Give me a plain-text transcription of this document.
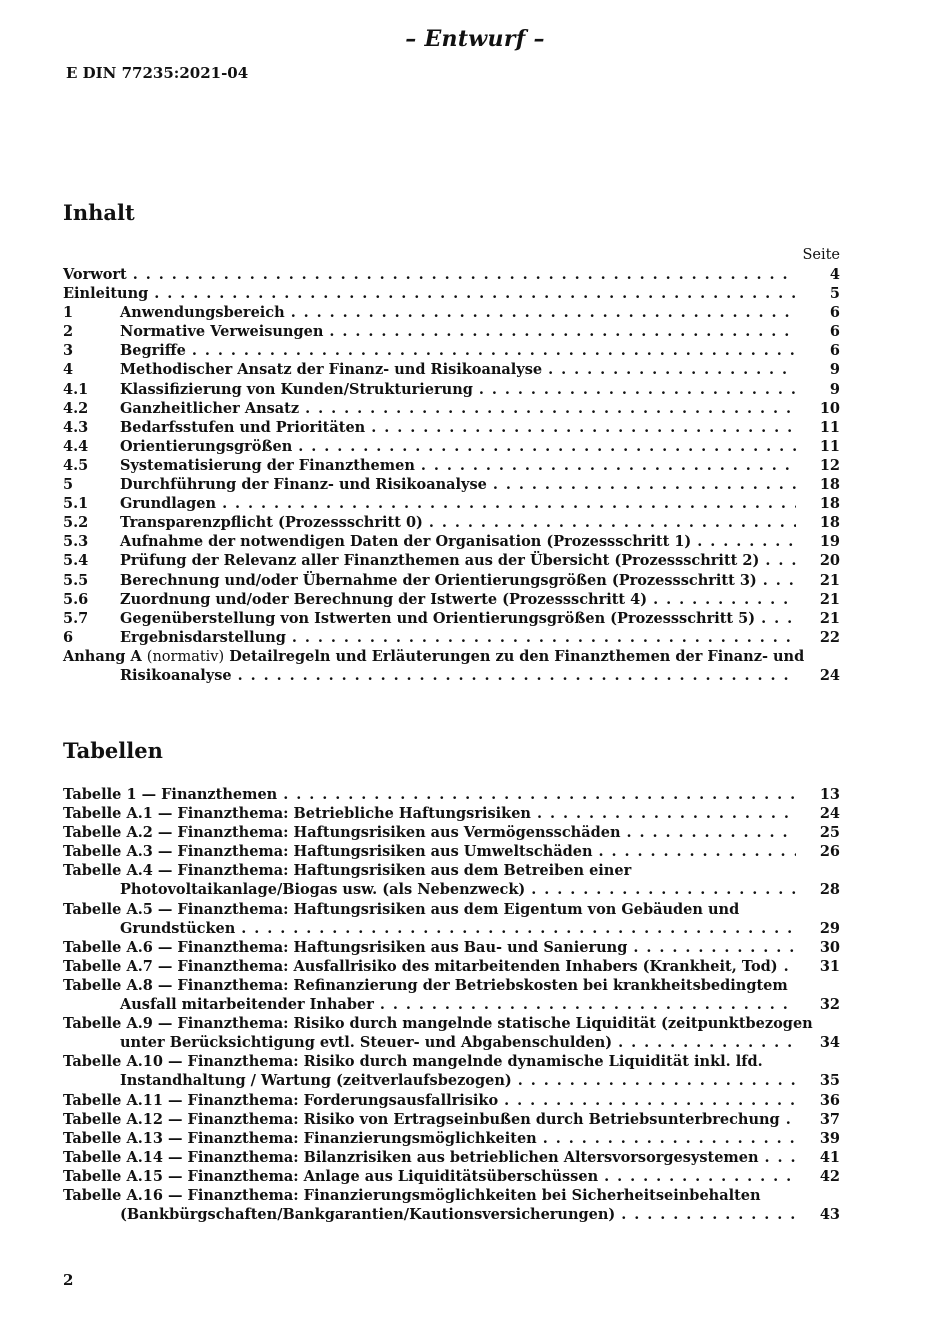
– Entwurf –
E DIN 77235:2021-04
Inhalt
Seite
Vorwort . . .	4
Einleitung . . .	5
1	Anwendungsbereich . . .	6
2	Normative Verweisungen . . .	6
3	Begriffe . . .	6
4	Methodischer Ansatz der Finanz- und Risikoanalyse . . .	9
4.1	Klassifizierung von Kunden/Strukturierung . . .	9
4.2	Ganzheitlicher Ansatz . . .	10
4.3	Bedarfsstufen und Prioritäten . . .	11
4.4	Orientierungsgrößen . . .	11
4.5	Systematisierung der Finanzthemen . . .	12
5	Durchführung der Finanz- und Risikoanalyse . . .	18
5.1	Grundlagen . . .	18
5.2	Transparenzpflicht (Prozessschritt 0) . . .	18
5.3	Aufnahme der notwendigen Daten der Organisation (Prozessschritt 1) . . .	19
5.4	Prüfung der Relevanz aller Finanzthemen aus der Übersicht (Prozessschritt 2) . . .	20
5.5	Berechnung und/oder Übernahme der Orientierungsgrößen (Prozessschritt 3) . . .	21
5.6	Zuordnung und/oder Berechnung der Istwerte (Prozessschritt 4) . . .	21
5.7	Gegenüberstellung von Istwerten und Orientierungsgrößen (Prozessschritt 5) . . .	21
6	Ergebnisdarstellung . . .	22
Anhang A (normativ) Detailregeln und Erläuterungen zu den Finanzthemen der Finanz- und
Risikoanalyse . . .	24
Tabellen
Tabelle 1 — Finanzthemen . . .	13
Tabelle A.1 — Finanzthema: Betriebliche Haftungsrisiken . . .	24
Tabelle A.2 — Finanzthema: Haftungsrisiken aus Vermögensschäden . . .	25
Tabelle A.3 — Finanzthema: Haftungsrisiken aus Umweltschäden . . .	26
Tabelle A.4 — Finanzthema: Haftungsrisiken aus dem Betreiben einer
Photovoltaikanlage/Biogas usw. (als Nebenzweck) . . .	28
Tabelle A.5 — Finanzthema: Haftungsrisiken aus dem Eigentum von Gebäuden und
Grundstücken . . .	29
Tabelle A.6 — Finanzthema: Haftungsrisiken aus Bau- und Sanierung . . .	30
Tabelle A.7 — Finanzthema: Ausfallrisiko des mitarbeitenden Inhabers (Krankheit, Tod) . . .	31
Tabelle A.8 — Finanzthema: Refinanzierung der Betriebskosten bei krankheitsbedingtem
Ausfall mitarbeitender Inhaber . . .	32
Tabelle A.9 — Finanzthema: Risiko durch mangelnde statische Liquidität (zeitpunktbezogen
unter Berücksichtigung evtl. Steuer- und Abgabenschulden) . . .	34
Tabelle A.10 — Finanzthema: Risiko durch mangelnde dynamische Liquidität inkl. lfd.
Instandhaltung / Wartung (zeitverlaufsbezogen) . . .	35
Tabelle A.11 — Finanzthema: Forderungsausfallrisiko . . .	36
Tabelle A.12 — Finanzthema: Risiko von Ertragseinbußen durch Betriebsunterbrechung . . .	37
Tabelle A.13 — Finanzthema: Finanzierungsmöglichkeiten . . .	39
Tabelle A.14 — Finanzthema: Bilanzrisiken aus betrieblichen Altersvorsorgesystemen . . .	41
Tabelle A.15 — Finanzthema: Anlage aus Liquiditätsüberschüssen . . .	42
Tabelle A.16 — Finanzthema: Finanzierungsmöglichkeiten bei Sicherheitseinbehalten
(Bankbürgschaften/Bankgarantien/Kautionsversicherungen) . . .	43
2
